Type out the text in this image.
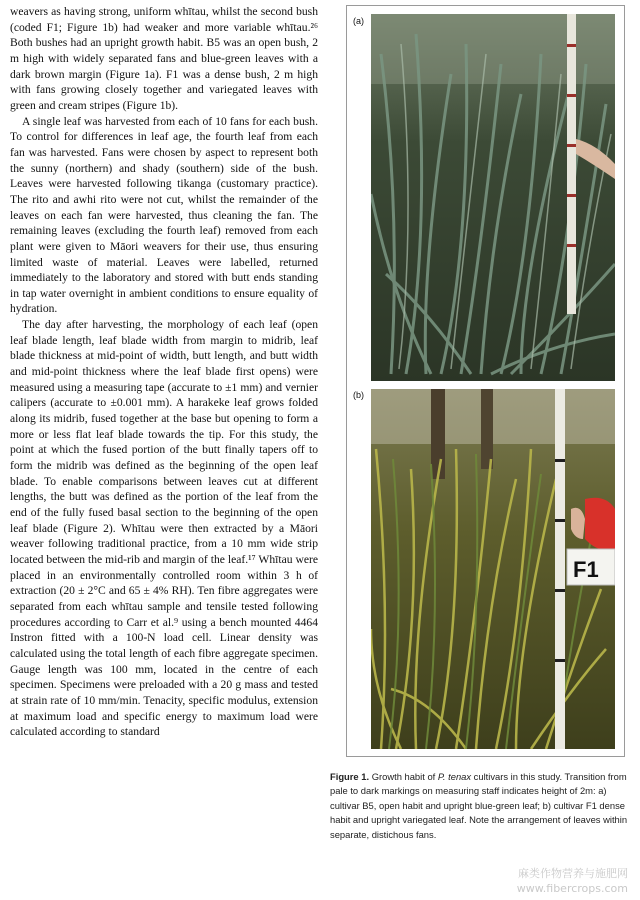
weavers as having strong, uniform whītau, whilst the second bush (coded F1; Figure 1b) had weaker and more variable whītau.²⁶ Both bushes had an upright growth habit. B5 was an open bush, 2 m high with widely separated fans and blue-green leaves with a dark brown margin (Figure 1a). F1 was a dense bush, 2 m high with fans growing closely together and variegated leaves with green and cream stripes (Figure 1b).

A single leaf was harvested from each of 10 fans for each bush. To control for differences in leaf age, the fourth leaf from each fan was harvested. Fans were chosen by aspect to represent both the sunny (northern) and shady (southern) side of the bush. Leaves were harvested following tikanga (customary practice). The rito and awhi rito were not cut, whilst the remainder of the leaves on each fan were harvested, thus cleaning the fan. The remaining leaves (excluding the fourth leaf) removed from each plant were given to Māori weavers for their use, thus ensuring limited waste of material. Leaves were labelled, returned immediately to the laboratory and stored with butt ends standing in tap water overnight in ambient conditions to ensure equality of hydration.

The day after harvesting, the morphology of each leaf (open leaf blade length, leaf blade width from margin to midrib, leaf blade thickness at mid-point of width, butt length, and butt width and mid-point thickness where the leaf blade first opens) were measured using a measuring tape (accurate to ±1 mm) and vernier calipers (accurate to ±0.001 mm). A harakeke leaf grows folded along its midrib, fused together at the base but opening to form a more or less flat leaf blade towards the tip. For this study, the point at which the fused portion of the butt finally tapers off to form the midrib was defined as the beginning of the open leaf blade. To enable comparisons between leaves cut at different lengths, the butt was defined as the portion of the leaf from the end of the fully fused basal section to the beginning of the open leaf blade (Figure 2). Whītau were then extracted by a Māori weaver following traditional practice, from a 10 mm wide strip located between the mid-rib and margin of the leaf.¹⁷ Whītau were placed in an environmentally controlled room within 3 h of extraction (20 ± 2°C and 65 ± 4% RH). Ten fibre aggregates were separated from each whītau sample and tensile tested following procedures according to Carr et al.⁹ using a bench mounted 4464 Instron fitted with a 100-N load cell. Linear density was calculated using the total length of each fibre aggregate specimen. Gauge length was 100 mm, located in the centre of each specimen. Specimens were preloaded with a 20 g mass and tested at strain rate of 10 mm/min. Tenacity, specific modulus, extension at maximum load and specific energy to maximum load were calculated according to standard

F1
(a)
(b)
Figure 1. Growth habit of P. tenax cultivars in this study. Transition from pale to dark markings on measuring staff indicates height of 2m: a) cultivar B5, open habit and upright blue-green leaf; b) cultivar F1 dense habit and upright variegated leaf. Note the arrangement of leaves within separate, distichous fans.
麻类作物营养与施肥网
www.fibercrops.com
